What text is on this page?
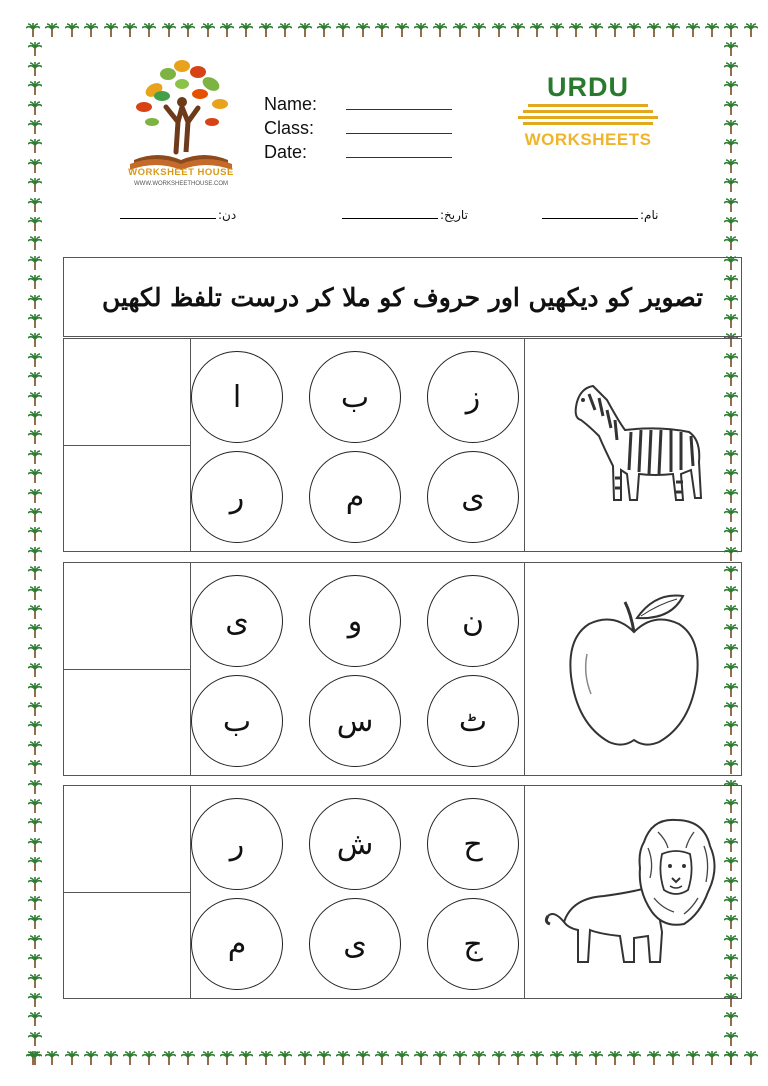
WORKSHEET HOUSE
WWW.WORKSHEETHOUSE.COM
Name:
Class:
Date:
URDU
WORKSHEETS
نام:
تاریخ:
دن:
تصویر کو دیکھیں اور حروف کو ملا کر درست تلفظ لکھیں
ز
ب
ا
ی
م
ر
ن
و
ی
ٹ
س
ب
ح
ش
ر
ج
ی
م
